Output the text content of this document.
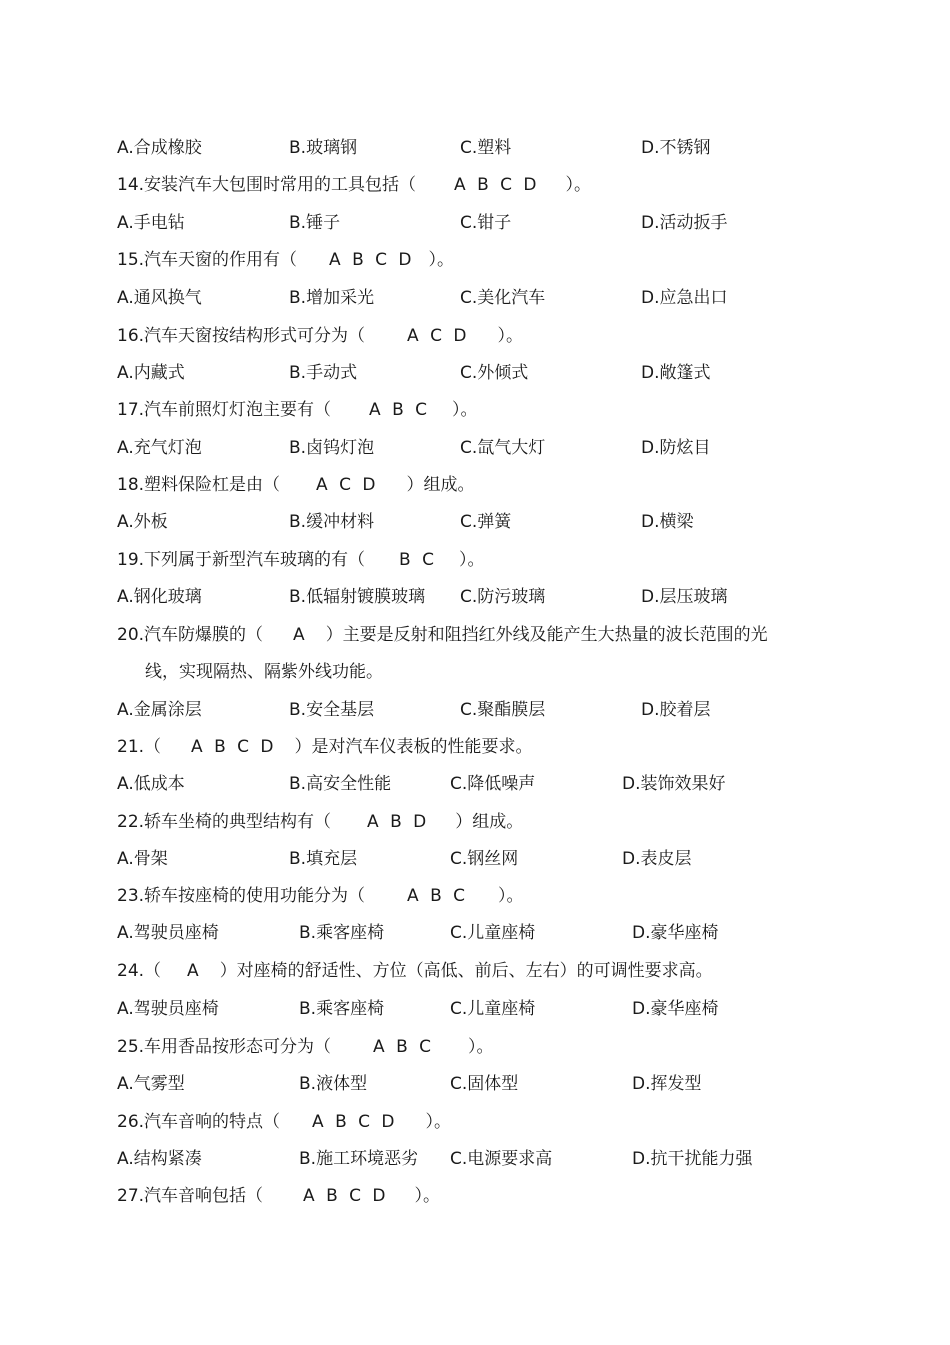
A.合成橡胶	B.玻璃钢	C.塑料	D.不锈钢
14.安装汽车大包围时常用的工具包括（ A B C D ）。
A.手电钻	B.锤子	C.钳子	D.活动扳手
15.汽车天窗的作用有（ A B C D ）。
A.通风换气	B.增加采光	C.美化汽车	D.应急出口
16.汽车天窗按结构形式可分为（ A C D ）。
A.内藏式	B.手动式	C.外倾式	D.敞篷式
17.汽车前照灯灯泡主要有（ A B C ）。
A.充气灯泡	B.卤钨灯泡	C.氙气大灯	D.防炫目
18.塑料保险杠是由（ A C D ）组成。
A.外板	B.缓冲材料	C.弹簧	D.横梁
19.下列属于新型汽车玻璃的有（ B C ）。
A.钢化玻璃	B.低辐射镀膜玻璃 C.防污玻璃	D.层压玻璃
20.汽车防爆膜的（ A ）主要是反射和阻挡红外线及能产生大热量的波长范围的光
线，实现隔热、隔紫外线功能。
A.金属涂层	B.安全基层	C.聚酯膜层	D.胶着层
21.（ A B C D ）是对汽车仪表板的性能要求。
A.低成本	B.高安全性能	C.降低噪声	D.装饰效果好
22.轿车坐椅的典型结构有（ A B D ）组成。
A.骨架	B.填充层	C.钢丝网	D.表皮层
23.轿车按座椅的使用功能分为（ A B C ）。
A.驾驶员座椅	B.乘客座椅	C.儿童座椅	D.豪华座椅
24.（ A ）对座椅的舒适性、方位（高低、前后、左右）的可调性要求高。
A.驾驶员座椅	B.乘客座椅	C.儿童座椅	D.豪华座椅
25.车用香品按形态可分为（ A B C ）。
A.气雾型	B.液体型	C.固体型	D.挥发型
26.汽车音响的特点（ A B C D ）。
A.结构紧凑	B.施工环境恶劣 C.电源要求高	D.抗干扰能力强
27.汽车音响包括（ A B C D ）。
